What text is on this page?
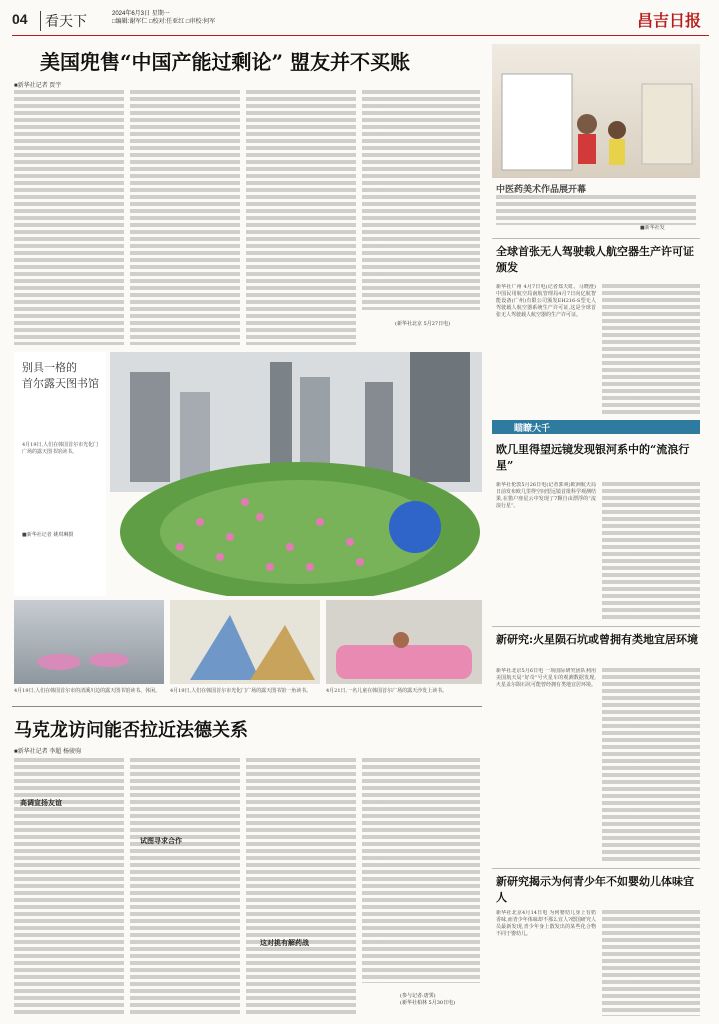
04	看天下	2024年6月3日 星期一
□编辑:谢军仁 □校对:任亚红 □审校:何军	昌吉日报
美国兜售“中国产能过剩论” 盟友并不买账
■新华社记者 贾宇
(新华社北京 5月27日电)
别具一格的
首尔露天图书馆
4月19日,人们在韩国首尔市光化门广场的露天图书馆读书。
■新华社记者 姚琪琳摄
4月19日,人们在韩国首尔市的清溪川边的露天图书馆读书、休闲。	4月19日,人们在韩国首尔市光化门广场的露天图书馆一角读书。	4月21日,一名儿童在韩国首尔广场的露天沙发上读书。
马克龙访问能否拉近法德关系
■新华社记者 李超 杨骏驹
高调宣扬友谊
试图寻求合作
这对挑有解药战
(参与记者:唐霁)
(新华社柏林 5月30日电)
中医药美术作品展开幕
■新华社发
全球首张无人驾驶载人航空器生产许可证颁发
新华社广州 4月7日电(记者郑天虹、马晓澄)中国民用航空局南航管理局4月7日向亿航智能设备(广州)有限公司颁发EH216-S型无人驾驶载人航空器系统生产许可证,这是全球首张无人驾驶载人航空器的生产许可证。
瞄瞭大千
欧几里得望远镜发现银河系中的“流浪行星”
新华社伦敦5月26日电(记者郭爽)欧洲航天局日前发布欧几里得空间望远镜首批科学观测结果,在猎户座星云中发现了7颗自由漂浮的“流浪行星”。
新研究:火星陨石坑或曾拥有类地宜居环境
新华社北京5月6日电 一项国际研究团队利用美国航天局“好奇”号火星车的观测数据发现,火星盖尔陨石坑可能曾经拥有类地宜居环境。
新研究揭示为何青少年不如婴幼儿体味宜人
新华社北京4月14日电 为何婴幼儿身上有奶香味,而青少年体味却不那么宜人?德国研究人员最新发现,青少年身上散发出的某些化合物不同于婴幼儿。
